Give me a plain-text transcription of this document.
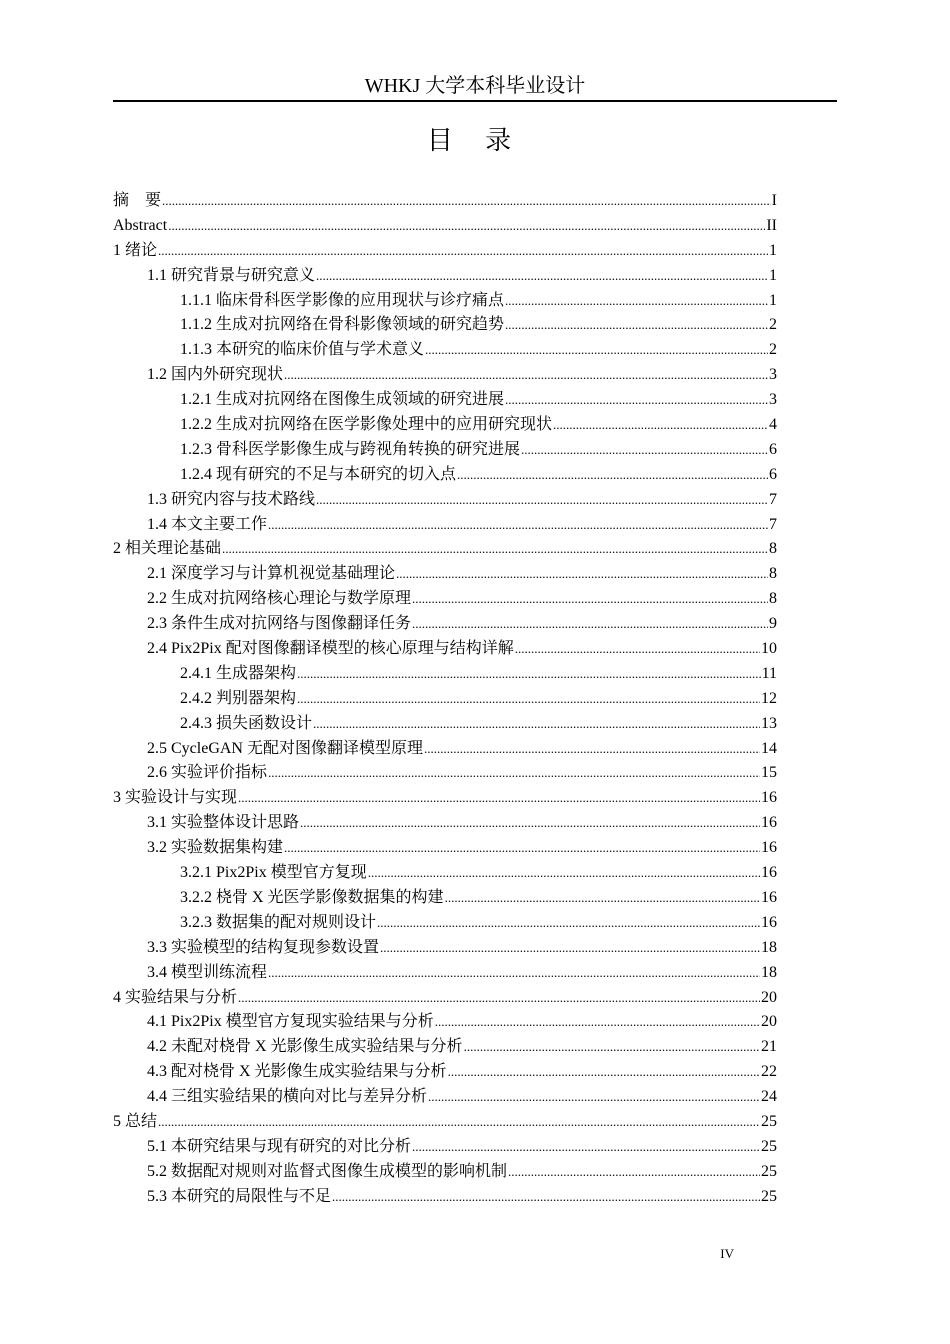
WHKJ 大学本科毕业设计
目 录
摘　要 .....	I
Abstract .....	II
1 绪论 .....	1
1.1 研究背景与研究意义 .....	1
1.1.1 临床骨科医学影像的应用现状与诊疗痛点 .....	1
1.1.2 生成对抗网络在骨科影像领域的研究趋势 .....	2
1.1.3 本研究的临床价值与学术意义 .....	2
1.2 国内外研究现状 .....	3
1.2.1 生成对抗网络在图像生成领域的研究进展 .....	3
1.2.2 生成对抗网络在医学影像处理中的应用研究现状 .....	4
1.2.3 骨科医学影像生成与跨视角转换的研究进展 .....	6
1.2.4 现有研究的不足与本研究的切入点 .....	6
1.3 研究内容与技术路线 .....	7
1.4 本文主要工作 .....	7
2 相关理论基础 .....	8
2.1 深度学习与计算机视觉基础理论 .....	8
2.2 生成对抗网络核心理论与数学原理 .....	8
2.3 条件生成对抗网络与图像翻译任务 .....	9
2.4 Pix2Pix 配对图像翻译模型的核心原理与结构详解 .....	10
2.4.1 生成器架构 .....	11
2.4.2 判别器架构 .....	12
2.4.3 损失函数设计 .....	13
2.5 CycleGAN 无配对图像翻译模型原理 .....	14
2.6 实验评价指标 .....	15
3 实验设计与实现 .....	16
3.1 实验整体设计思路 .....	16
3.2 实验数据集构建 .....	16
3.2.1 Pix2Pix 模型官方复现 .....	16
3.2.2 桡骨 X 光医学影像数据集的构建 .....	16
3.2.3 数据集的配对规则设计 .....	16
3.3 实验模型的结构复现参数设置 .....	18
3.4 模型训练流程 .....	18
4 实验结果与分析 .....	20
4.1 Pix2Pix 模型官方复现实验结果与分析 .....	20
4.2 未配对桡骨 X 光影像生成实验结果与分析 .....	21
4.3 配对桡骨 X 光影像生成实验结果与分析 .....	22
4.4 三组实验结果的横向对比与差异分析 .....	24
5 总结 .....	25
5.1 本研究结果与现有研究的对比分析 .....	25
5.2 数据配对规则对监督式图像生成模型的影响机制 .....	25
5.3 本研究的局限性与不足 .....	25
IV
